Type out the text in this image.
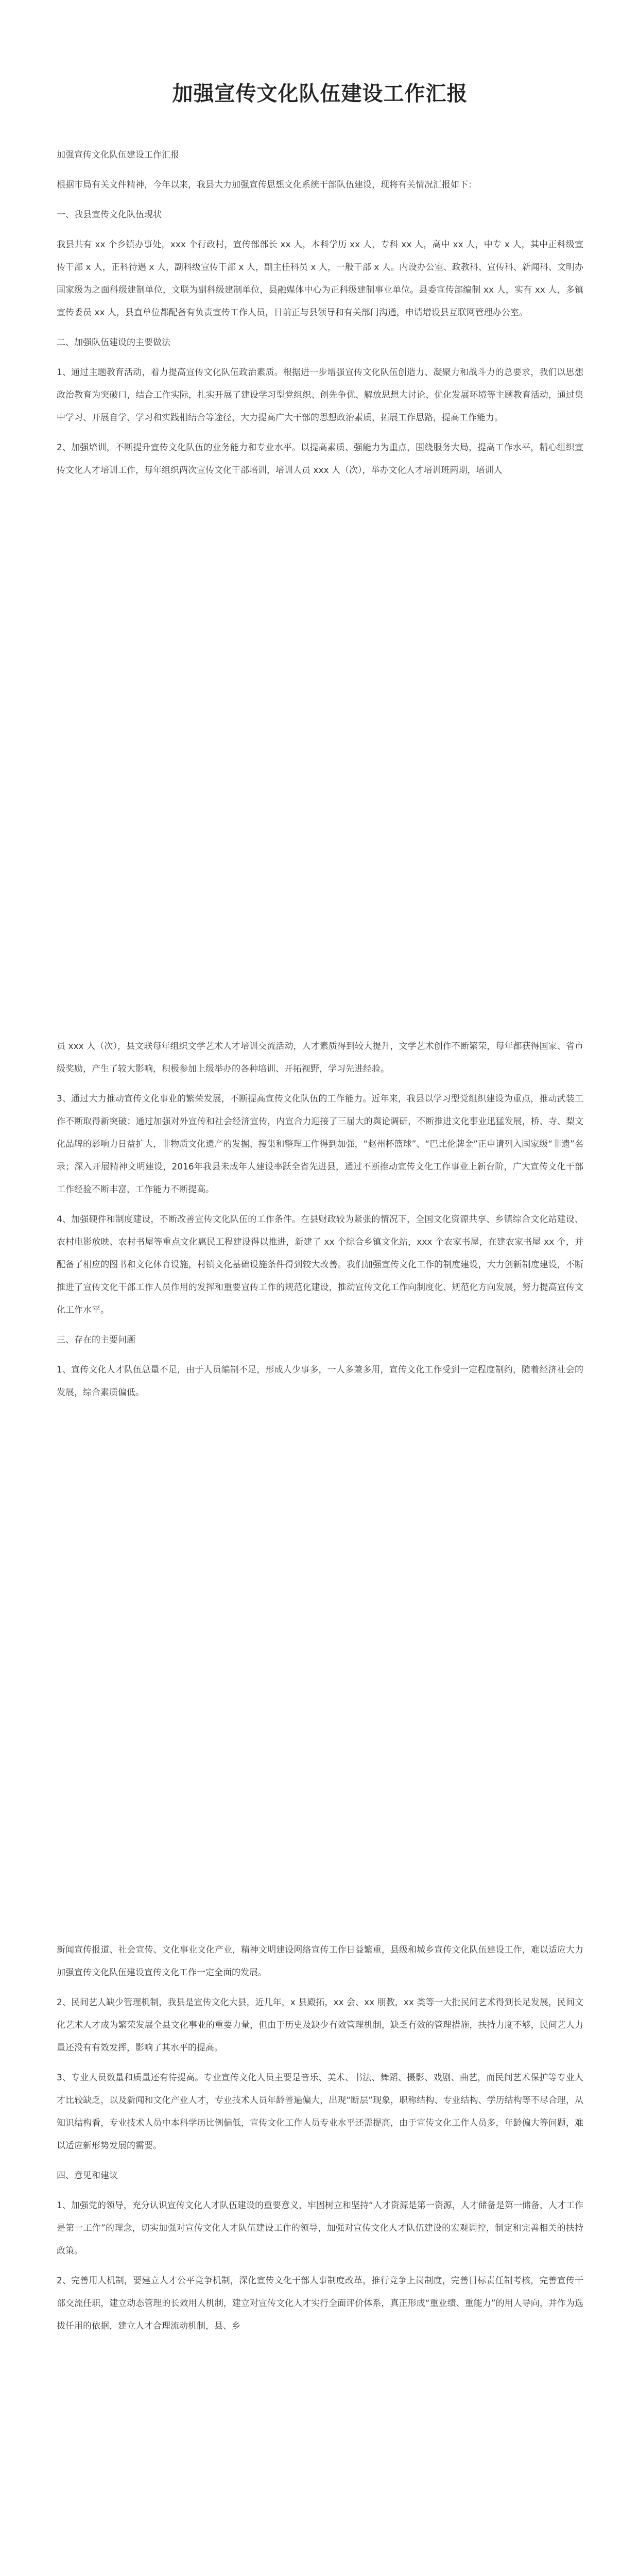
加强宣传文化队伍建设工作汇报

加强宣传文化队伍建设工作汇报

根据市局有关文件精神，今年以来，我县大力加强宣传思想文化系统干部队伍建设，现将有关情况汇报如下：

一、我县宣传文化队伍现状

我县共有 xx 个乡镇办事处，xxx 个行政村，宣传部部长 xx 人，本科学历 xx 人，专科 xx 人，高中 xx 人，中专 x 人，其中正科级宣传干部 x 人，正科待遇 x 人，副科级宣传干部 x 人，副主任科员 x 人，一般干部 x 人。内设办公室、政教科、宣传科、新闻科、文明办国家级为之面科级建制单位，文联为副科级建制单位，县融媒体中心为正科级建制事业单位。县委宣传部编制 xx 人，实有 xx 人，多镇宣传委员 xx 人，县直单位都配备有负责宣传工作人员，日前正与县领导和有关部门沟通，申请增设县互联网管理办公室。

二、加强队伍建设的主要做法

1、通过主题教育活动，着力提高宣传文化队伍政治素质。根据进一步增强宣传文化队伍创造力、凝聚力和战斗力的总要求，我们以思想政治教育为突破口，结合工作实际，扎实开展了建设学习型党组织、创先争优、解放思想大讨论、优化发展环境等主题教育活动，通过集中学习、开展自学、学习和实践相结合等途径，大力提高广大干部的思想政治素质，拓展工作思路，提高工作能力。

2、加强培训，不断提升宣传文化队伍的业务能力和专业水平。以提高素质、强能力为重点，围绕服务大局，提高工作水平，精心组织宣传文化人才培训工作，每年组织两次宣传文化干部培训，培训人员 xxx 人（次），举办文化人才培训班两期，培训人

员 xxx 人（次），县文联每年组织文学艺术人才培训交流活动，人才素质得到较大提升，文学艺术创作不断繁荣，每年都获得国家、省市级奖励，产生了较大影响，积极参加上级举办的各种培训、开拓视野，学习先进经验。

3、通过大力推动宣传文化事业的繁荣发展，不断提高宣传文化队伍的工作能力。近年来，我县以学习型党组织建设为重点，推动武装工作不断取得新突破；通过加强对外宣传和社会经济宣传，内宣合力迎接了三届大的舆论调研，不断推进文化事业迅猛发展，桥、寺、梨文化品牌的影响力日益扩大，非物质文化遗产的发掘、搜集和整理工作得到加强，“赵州杯篮球”、“巴比伦牌金”正申请列入国家级“非遗”名录；深入开展精神文明建设，2016年我县未成年人建设率跃全省先进县，通过不断推动宣传文化工作事业上新台阶，广大宣传文化干部工作经验不断丰富，工作能力不断提高。

4、加强硬件和制度建设，不断改善宣传文化队伍的工作条件。在县财政较为紧张的情况下，全国文化资源共享、乡镇综合文化站建设、农村电影放映、农村书屋等重点文化惠民工程建设得以推进，新建了 xx 个综合乡镇文化站，xxx 个农家书屋，在建农家书屋 xx 个，并配备了相应的图书和文化体育设施，村镇文化基础设施条件得到较大改善。我们加强宣传文化工作的制度建设，大力创新制度建设，不断推进了宣传文化干部工作人员作用的发挥和重要宣传工作的规范化建设，推动宣传文化工作向制度化、规范化方向发展，努力提高宣传文化工作水平。

三、存在的主要问题

1、宣传文化人才队伍总量不足，由于人员编制不足，形成人少事多，一人多兼多用，宣传文化工作受到一定程度制约，随着经济社会的发展，综合素质偏低。

新闻宣传报道、社会宣传、文化事业文化产业，精神文明建设网络宣传工作日益繁重，县级和城乡宣传文化队伍建设工作，难以适应大力加强宣传文化队伍建设宣传文化工作一定全面的发展。

2、民间艺人缺少管理机制，我县是宣传文化大县，近几年，x 县殿拓，xx 会、xx 朋教，xx 类等一大批民间艺术得到长足发展，民间文化艺术人才成为繁荣发展全县文化事业的重要力量，但由于历史及缺少有效管理机制，缺乏有效的管理措施，扶持力度不够，民间艺人力量还没有有效发挥，影响了其水平的提高。

3、专业人员数量和质量还有待提高。专业宣传文化人员主要是音乐、美术、书法、舞蹈、摄影、戏剧、曲艺，而民间艺术保护等专业人才比较缺乏，以及新闻和文化产业人才，专业技术人员年龄普遍偏大，出现“断层”现象，职称结构、专业结构、学历结构等不尽合理，从知识结构看，专业技术人员中本科学历比例偏低，宣传文化工作人员专业水平还需提高，由于宣传文化工作人员多，年龄偏大等问题，难以适应新形势发展的需要。

四、意见和建议

1、加强党的领导，充分认识宣传文化人才队伍建设的重要意义，牢固树立和坚持“人才资源是第一资源，人才储备是第一储备，人才工作是第一工作”的理念，切实加强对宣传文化人才队伍建设工作的领导，加强对宣传文化人才队伍建设的宏观调控，制定和完善相关的扶持政策。

2、完善用人机制，要建立人才公平竞争机制，深化宣传文化干部人事制度改革，推行竞争上岗制度，完善目标责任制考核，完善宣传干部交流任职，建立动态管理的长效用人机制，建立对宣传文化人才实行全面评价体系，真正形成“重业绩、重能力”的用人导向，并作为选拔任用的依据，建立人才合理流动机制，县、乡
